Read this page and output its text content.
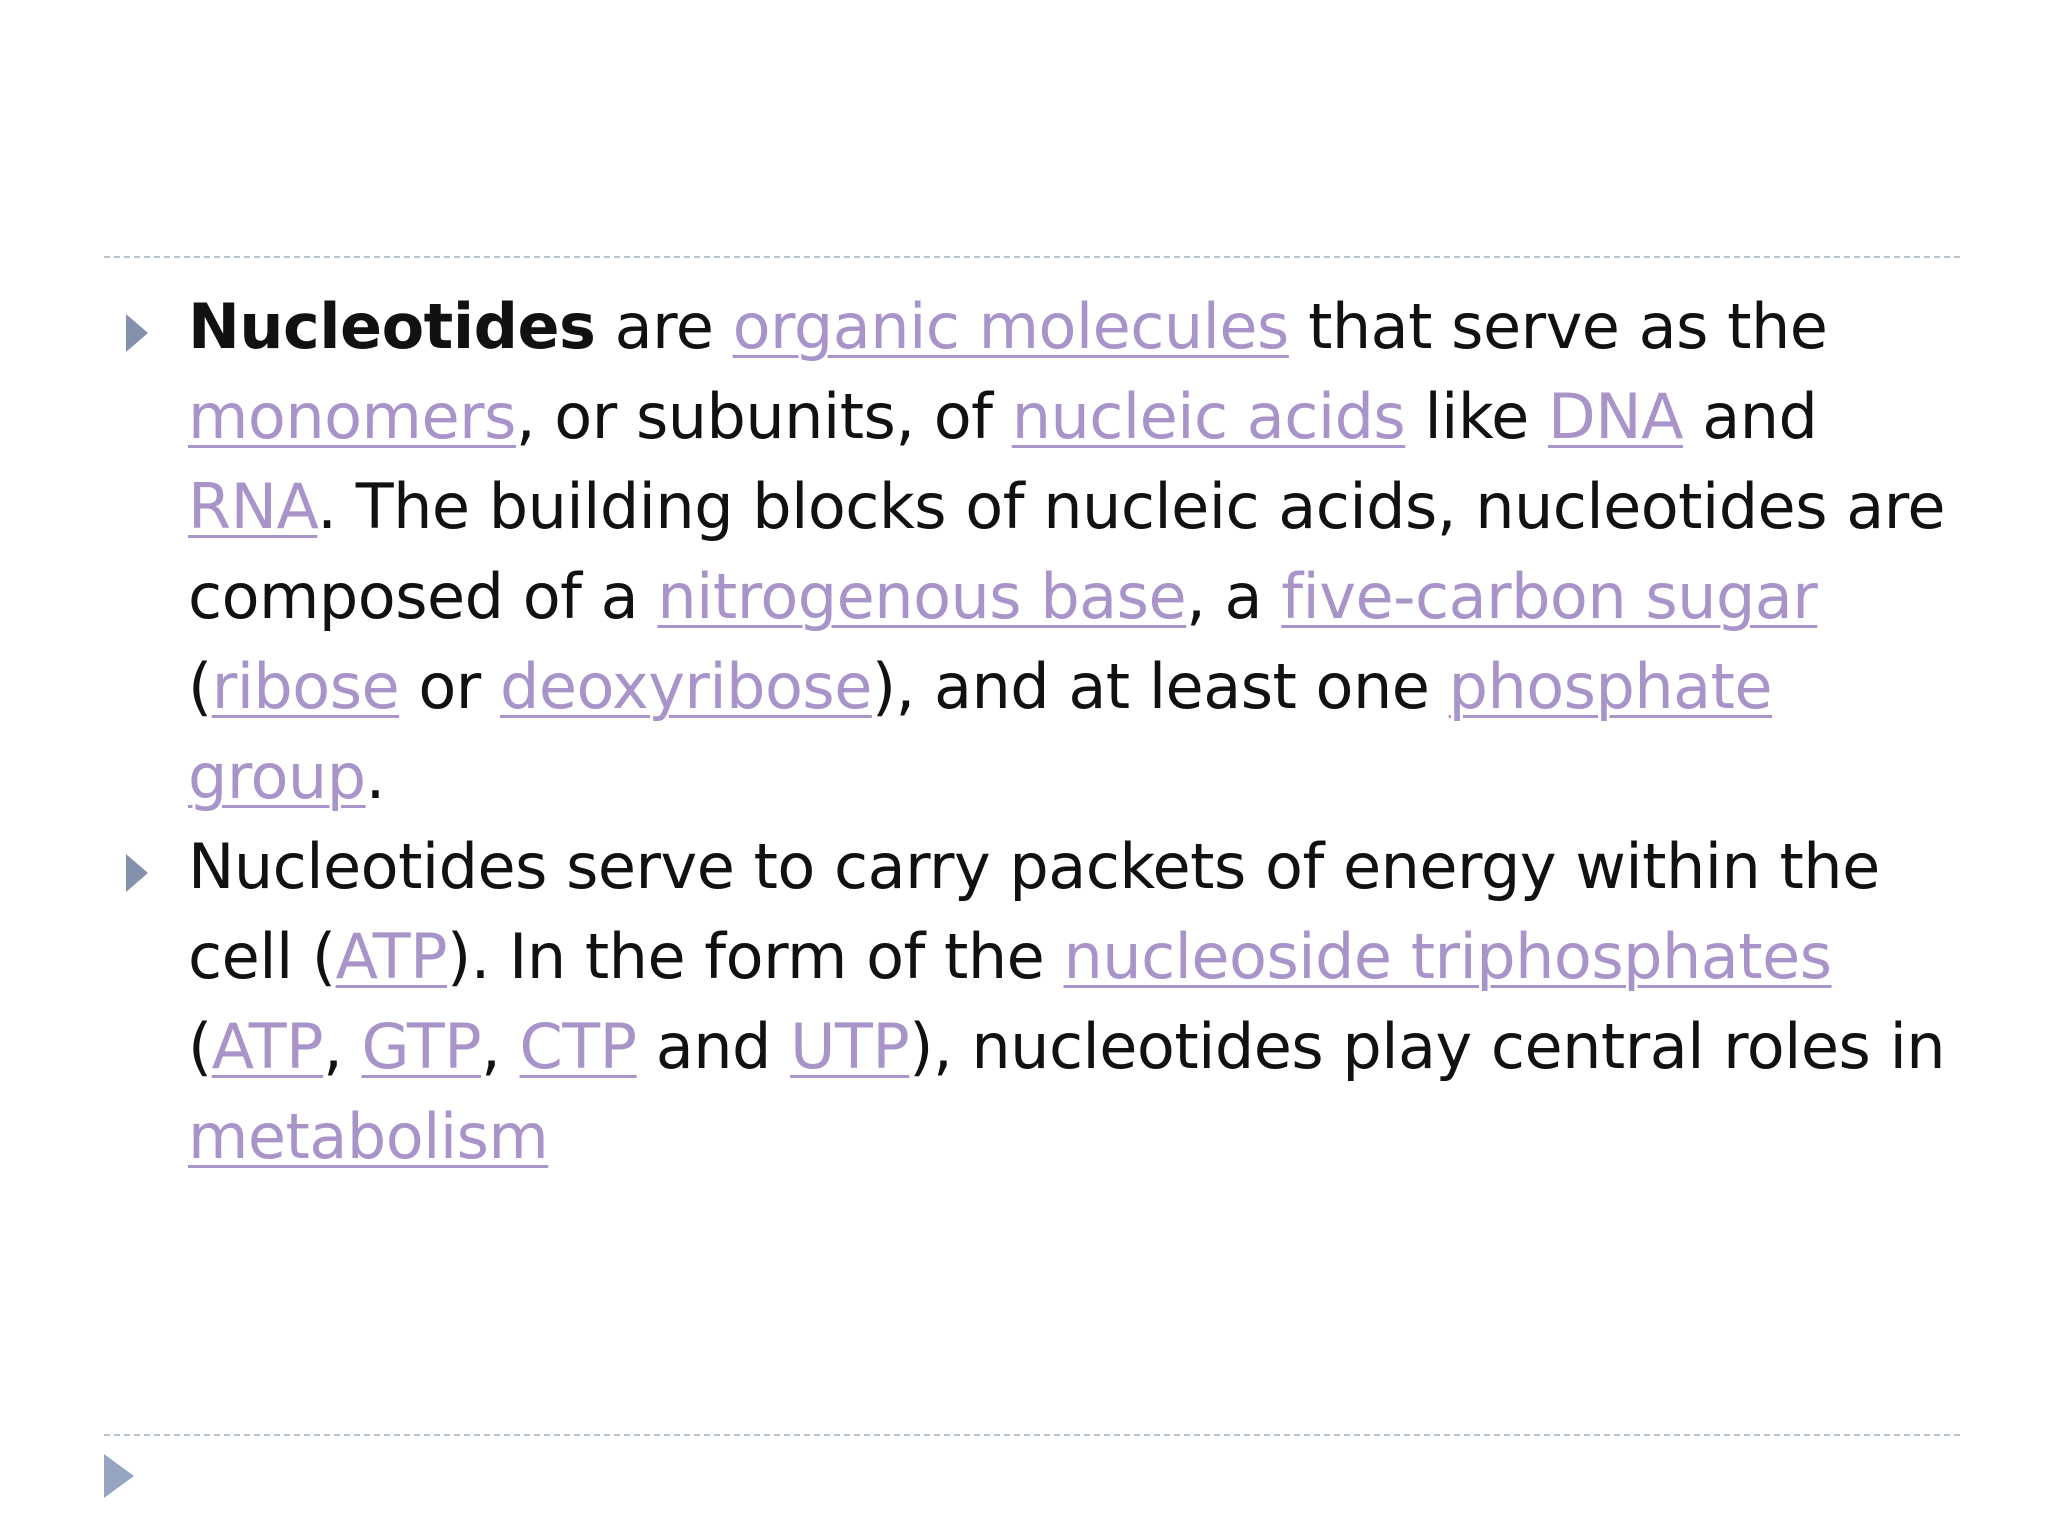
Nucleotides are organic molecules that serve as the monomers, or subunits, of nucleic acids like DNA and RNA. The building blocks of nucleic acids, nucleotides are composed of a nitrogenous base, a five-carbon sugar (ribose or deoxyribose), and at least one phosphate group.
Nucleotides serve to carry packets of energy within the cell (ATP). In the form of the nucleoside triphosphates (ATP, GTP, CTP and UTP), nucleotides play central roles in metabolism
